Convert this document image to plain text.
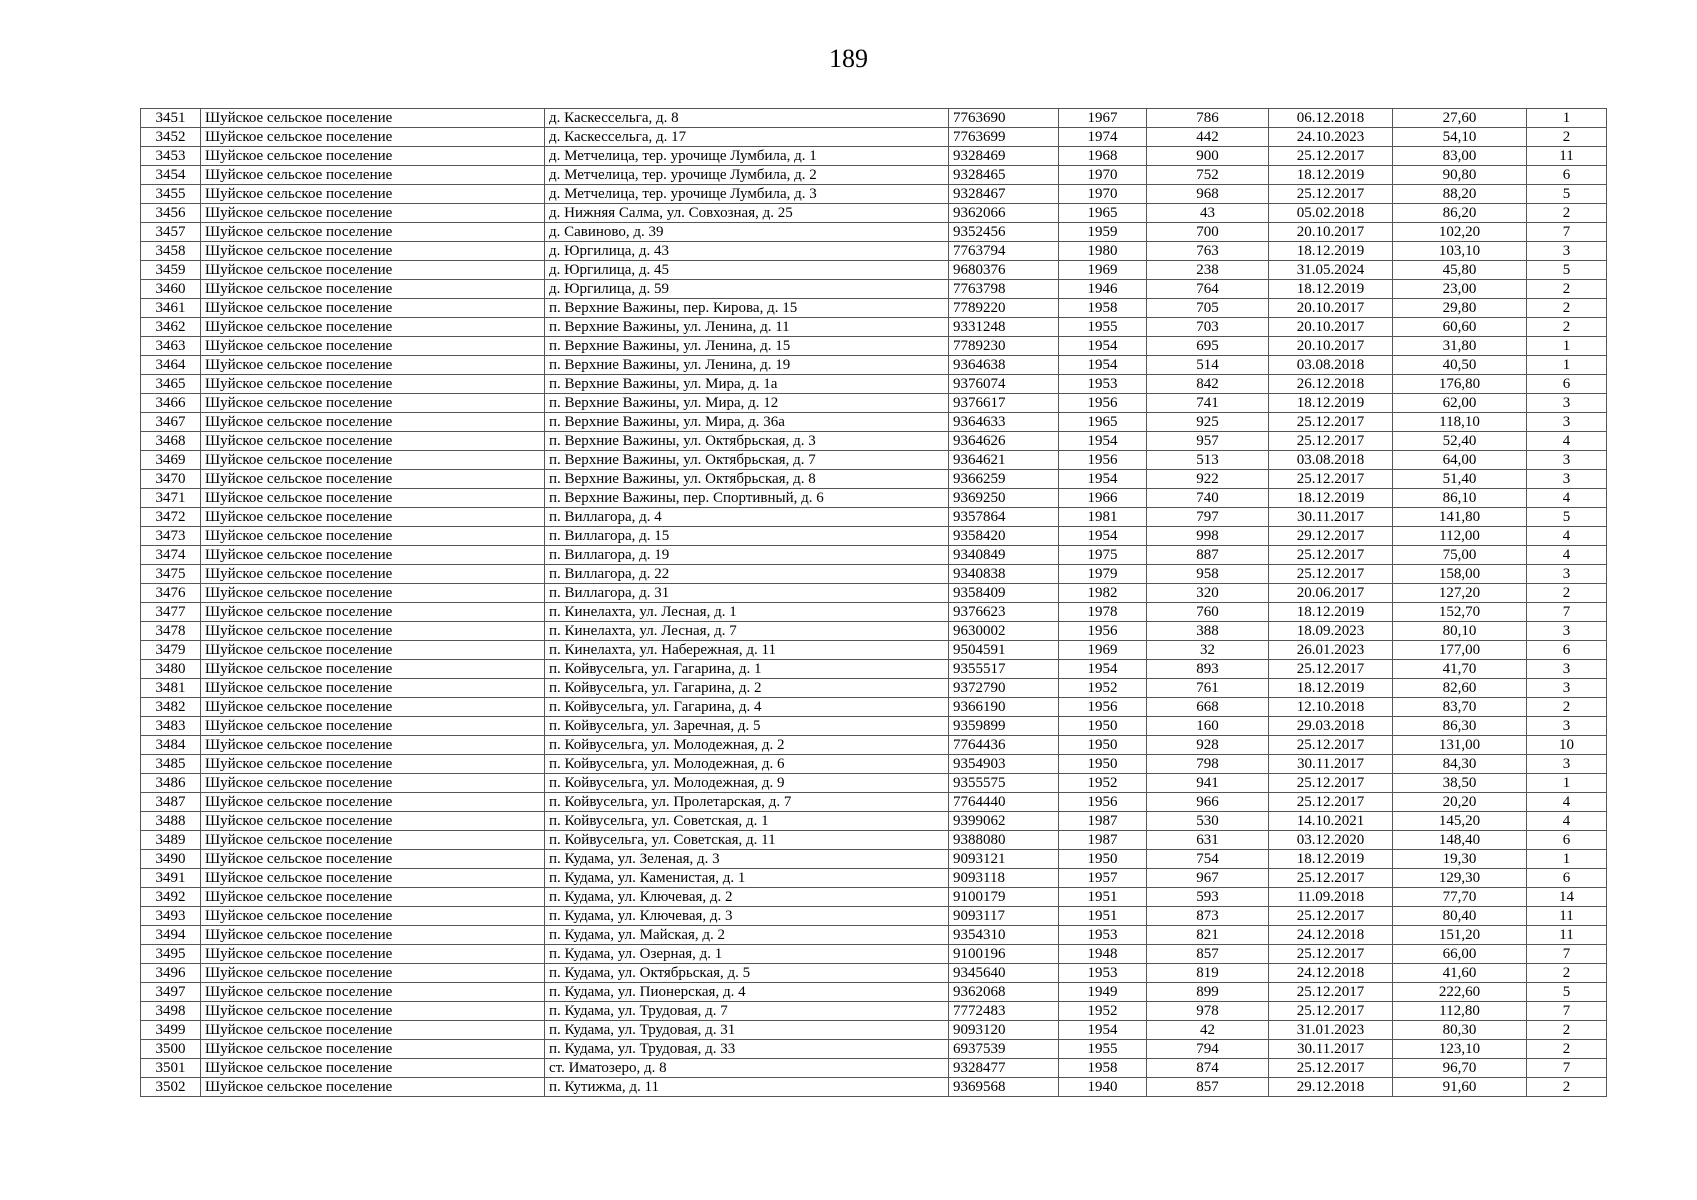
189
3451	Шуйское сельское поселение	д. Каскессельга, д. 8	7763690	1967	786	06.12.2018	27,60	1
3452	Шуйское сельское поселение	д. Каскессельга, д. 17	7763699	1974	442	24.10.2023	54,10	2
3453	Шуйское сельское поселение	д. Метчелица, тер. урочище Лумбила, д. 1	9328469	1968	900	25.12.2017	83,00	11
3454	Шуйское сельское поселение	д. Метчелица, тер. урочище Лумбила, д. 2	9328465	1970	752	18.12.2019	90,80	6
3455	Шуйское сельское поселение	д. Метчелица, тер. урочище Лумбила, д. 3	9328467	1970	968	25.12.2017	88,20	5
3456	Шуйское сельское поселение	д. Нижняя Салма, ул. Совхозная, д. 25	9362066	1965	43	05.02.2018	86,20	2
3457	Шуйское сельское поселение	д. Савиново, д. 39	9352456	1959	700	20.10.2017	102,20	7
3458	Шуйское сельское поселение	д. Юргилица, д. 43	7763794	1980	763	18.12.2019	103,10	3
3459	Шуйское сельское поселение	д. Юргилица, д. 45	9680376	1969	238	31.05.2024	45,80	5
3460	Шуйское сельское поселение	д. Юргилица, д. 59	7763798	1946	764	18.12.2019	23,00	2
3461	Шуйское сельское поселение	п. Верхние Важины, пер. Кирова, д. 15	7789220	1958	705	20.10.2017	29,80	2
3462	Шуйское сельское поселение	п. Верхние Важины, ул. Ленина, д. 11	9331248	1955	703	20.10.2017	60,60	2
3463	Шуйское сельское поселение	п. Верхние Важины, ул. Ленина, д. 15	7789230	1954	695	20.10.2017	31,80	1
3464	Шуйское сельское поселение	п. Верхние Важины, ул. Ленина, д. 19	9364638	1954	514	03.08.2018	40,50	1
3465	Шуйское сельское поселение	п. Верхние Важины, ул. Мира, д. 1а	9376074	1953	842	26.12.2018	176,80	6
3466	Шуйское сельское поселение	п. Верхние Важины, ул. Мира, д. 12	9376617	1956	741	18.12.2019	62,00	3
3467	Шуйское сельское поселение	п. Верхние Важины, ул. Мира, д. 36а	9364633	1965	925	25.12.2017	118,10	3
3468	Шуйское сельское поселение	п. Верхние Важины, ул. Октябрьская, д. 3	9364626	1954	957	25.12.2017	52,40	4
3469	Шуйское сельское поселение	п. Верхние Важины, ул. Октябрьская, д. 7	9364621	1956	513	03.08.2018	64,00	3
3470	Шуйское сельское поселение	п. Верхние Важины, ул. Октябрьская, д. 8	9366259	1954	922	25.12.2017	51,40	3
3471	Шуйское сельское поселение	п. Верхние Важины, пер. Спортивный, д. 6	9369250	1966	740	18.12.2019	86,10	4
3472	Шуйское сельское поселение	п. Виллагора, д. 4	9357864	1981	797	30.11.2017	141,80	5
3473	Шуйское сельское поселение	п. Виллагора, д. 15	9358420	1954	998	29.12.2017	112,00	4
3474	Шуйское сельское поселение	п. Виллагора, д. 19	9340849	1975	887	25.12.2017	75,00	4
3475	Шуйское сельское поселение	п. Виллагора, д. 22	9340838	1979	958	25.12.2017	158,00	3
3476	Шуйское сельское поселение	п. Виллагора, д. 31	9358409	1982	320	20.06.2017	127,20	2
3477	Шуйское сельское поселение	п. Кинелахта, ул. Лесная, д. 1	9376623	1978	760	18.12.2019	152,70	7
3478	Шуйское сельское поселение	п. Кинелахта, ул. Лесная, д. 7	9630002	1956	388	18.09.2023	80,10	3
3479	Шуйское сельское поселение	п. Кинелахта, ул. Набережная, д. 11	9504591	1969	32	26.01.2023	177,00	6
3480	Шуйское сельское поселение	п. Койвусельга, ул. Гагарина, д. 1	9355517	1954	893	25.12.2017	41,70	3
3481	Шуйское сельское поселение	п. Койвусельга, ул. Гагарина, д. 2	9372790	1952	761	18.12.2019	82,60	3
3482	Шуйское сельское поселение	п. Койвусельга, ул. Гагарина, д. 4	9366190	1956	668	12.10.2018	83,70	2
3483	Шуйское сельское поселение	п. Койвусельга, ул. Заречная, д. 5	9359899	1950	160	29.03.2018	86,30	3
3484	Шуйское сельское поселение	п. Койвусельга, ул. Молодежная, д. 2	7764436	1950	928	25.12.2017	131,00	10
3485	Шуйское сельское поселение	п. Койвусельга, ул. Молодежная, д. 6	9354903	1950	798	30.11.2017	84,30	3
3486	Шуйское сельское поселение	п. Койвусельга, ул. Молодежная, д. 9	9355575	1952	941	25.12.2017	38,50	1
3487	Шуйское сельское поселение	п. Койвусельга, ул. Пролетарская, д. 7	7764440	1956	966	25.12.2017	20,20	4
3488	Шуйское сельское поселение	п. Койвусельга, ул. Советская, д. 1	9399062	1987	530	14.10.2021	145,20	4
3489	Шуйское сельское поселение	п. Койвусельга, ул. Советская, д. 11	9388080	1987	631	03.12.2020	148,40	6
3490	Шуйское сельское поселение	п. Кудама, ул. Зеленая, д. 3	9093121	1950	754	18.12.2019	19,30	1
3491	Шуйское сельское поселение	п. Кудама, ул. Каменистая, д. 1	9093118	1957	967	25.12.2017	129,30	6
3492	Шуйское сельское поселение	п. Кудама, ул. Ключевая, д. 2	9100179	1951	593	11.09.2018	77,70	14
3493	Шуйское сельское поселение	п. Кудама, ул. Ключевая, д. 3	9093117	1951	873	25.12.2017	80,40	11
3494	Шуйское сельское поселение	п. Кудама, ул. Майская, д. 2	9354310	1953	821	24.12.2018	151,20	11
3495	Шуйское сельское поселение	п. Кудама, ул. Озерная, д. 1	9100196	1948	857	25.12.2017	66,00	7
3496	Шуйское сельское поселение	п. Кудама, ул. Октябрьская, д. 5	9345640	1953	819	24.12.2018	41,60	2
3497	Шуйское сельское поселение	п. Кудама, ул. Пионерская, д. 4	9362068	1949	899	25.12.2017	222,60	5
3498	Шуйское сельское поселение	п. Кудама, ул. Трудовая, д. 7	7772483	1952	978	25.12.2017	112,80	7
3499	Шуйское сельское поселение	п. Кудама, ул. Трудовая, д. 31	9093120	1954	42	31.01.2023	80,30	2
3500	Шуйское сельское поселение	п. Кудама, ул. Трудовая, д. 33	6937539	1955	794	30.11.2017	123,10	2
3501	Шуйское сельское поселение	ст. Иматозеро, д. 8	9328477	1958	874	25.12.2017	96,70	7
3502	Шуйское сельское поселение	п. Кутижма, д. 11	9369568	1940	857	29.12.2018	91,60	2
